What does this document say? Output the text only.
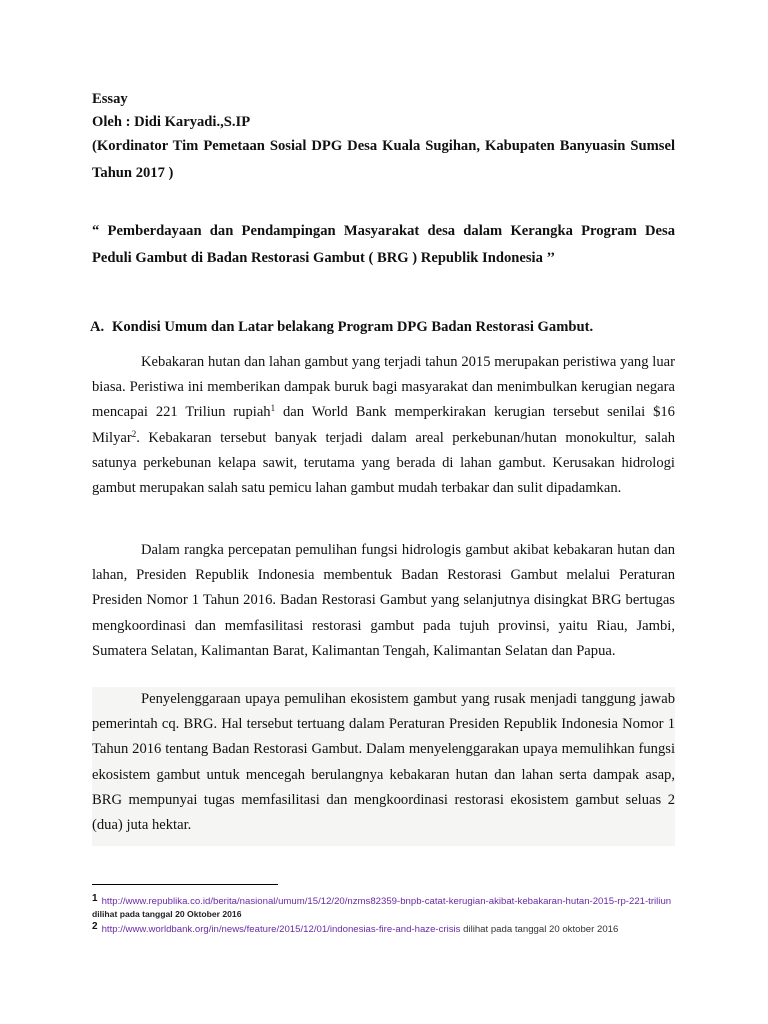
Essay
Oleh : Didi Karyadi.,S.IP
(Kordinator Tim Pemetaan Sosial DPG Desa Kuala Sugihan, Kabupaten Banyuasin Sumsel Tahun 2017 )
“ Pemberdayaan dan Pendampingan Masyarakat desa dalam Kerangka Program Desa Peduli Gambut di Badan Restorasi Gambut ( BRG ) Republik Indonesia ’’
A. Kondisi Umum dan Latar belakang Program DPG Badan Restorasi Gambut.
Kebakaran hutan dan lahan gambut yang terjadi tahun 2015 merupakan peristiwa yang luar biasa. Peristiwa ini memberikan dampak buruk bagi masyarakat dan menimbulkan kerugian negara mencapai 221 Triliun rupiah$^1$ dan World Bank memperkirakan kerugian tersebut senilai $16 Milyar$^2$. Kebakaran tersebut banyak terjadi dalam areal perkebunan/hutan monokultur, salah satunya perkebunan kelapa sawit, terutama yang berada di lahan gambut. Kerusakan hidrologi gambut merupakan salah satu pemicu lahan gambut mudah terbakar dan sulit dipadamkan.
Dalam rangka percepatan pemulihan fungsi hidrologis gambut akibat kebakaran hutan dan lahan, Presiden Republik Indonesia membentuk Badan Restorasi Gambut melalui Peraturan Presiden Nomor 1 Tahun 2016. Badan Restorasi Gambut yang selanjutnya disingkat BRG bertugas mengkoordinasi dan memfasilitasi restorasi gambut pada tujuh provinsi, yaitu Riau, Jambi, Sumatera Selatan, Kalimantan Barat, Kalimantan Tengah, Kalimantan Selatan dan Papua.
Penyelenggaraan upaya pemulihan ekosistem gambut yang rusak menjadi tanggung jawab pemerintah cq. BRG. Hal tersebut tertuang dalam Peraturan Presiden Republik Indonesia Nomor 1 Tahun 2016 tentang Badan Restorasi Gambut. Dalam menyelenggarakan upaya memulihkan fungsi ekosistem gambut untuk mencegah berulangnya kebakaran hutan dan lahan serta dampak asap, BRG mempunyai tugas memfasilitasi dan mengkoordinasi restorasi ekosistem gambut seluas 2 (dua) juta hektar.
1 http://www.republika.co.id/berita/nasional/umum/15/12/20/nzms82359-bnpb-catat-kerugian-akibat-kebakaran-hutan-2015-rp-221-triliun dilihat pada tanggal 20 Oktober 2016
2 http://www.worldbank.org/in/news/feature/2015/12/01/indonesias-fire-and-haze-crisis dilihat pada tanggal 20 oktober 2016
